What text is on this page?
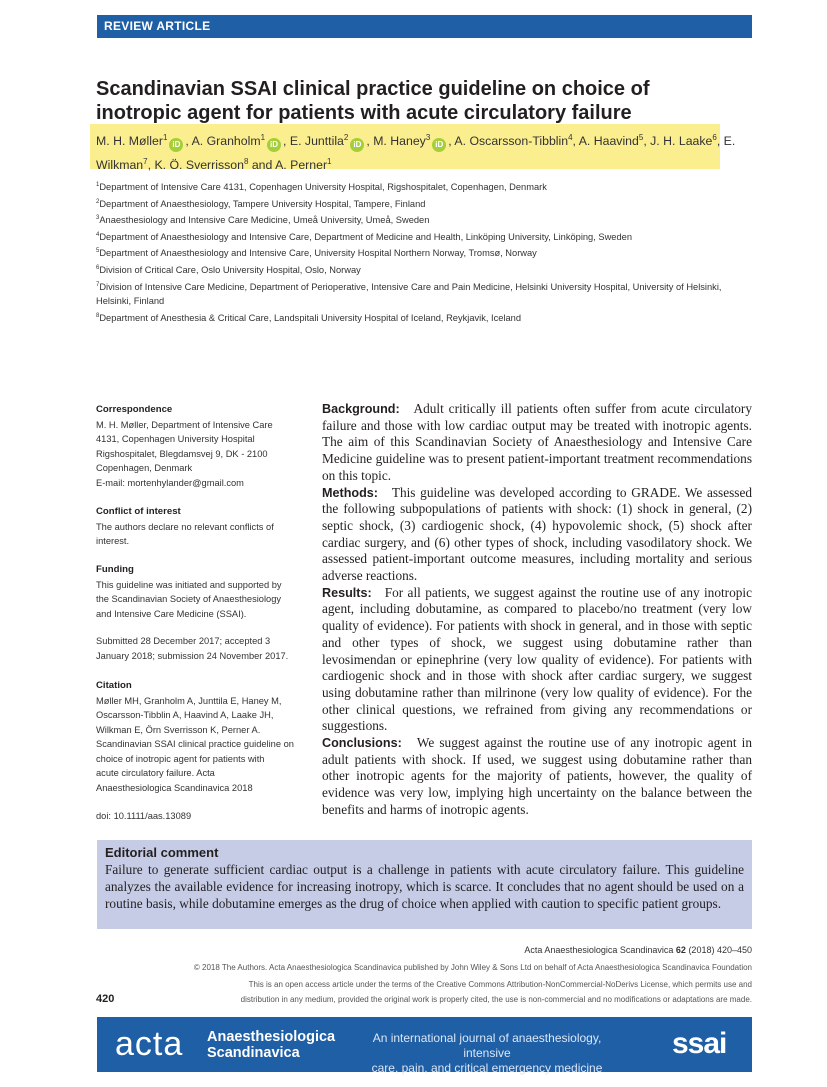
REVIEW ARTICLE
Scandinavian SSAI clinical practice guideline on choice of
inotropic agent for patients with acute circulatory failure
M. H. Møller$^1$iD , A. Granholm$^1$iD , E. Junttila$^2$iD , M. Haney$^3$iD , A. Oscarsson-Tibblin$^4$, A. Haavind$^5$, J. H. Laake$^6$, E. Wilkman$^7$, K. Ö. Sverrisson$^8$ and A. Perner$^1$
$^1$Department of Intensive Care 4131, Copenhagen University Hospital, Rigshospitalet, Copenhagen, Denmark
$^2$Department of Anaesthesiology, Tampere University Hospital, Tampere, Finland
$^3$Anaesthesiology and Intensive Care Medicine, Umeå University, Umeå, Sweden
$^4$Department of Anaesthesiology and Intensive Care, Department of Medicine and Health, Linköping University, Linköping, Sweden
$^5$Department of Anaesthesiology and Intensive Care, University Hospital Northern Norway, Tromsø, Norway
$^6$Division of Critical Care, Oslo University Hospital, Oslo, Norway
$^7$Division of Intensive Care Medicine, Department of Perioperative, Intensive Care and Pain Medicine, Helsinki University Hospital, University of Helsinki, Helsinki, Finland
$^8$Department of Anesthesia & Critical Care, Landspitali University Hospital of Iceland, Reykjavik, Iceland
Correspondence

M. H. Møller, Department of Intensive Care

4131, Copenhagen University Hospital

Rigshospitalet, Blegdamsvej 9, DK - 2100

Copenhagen, Denmark

E-mail: mortenhylander@gmail.com

Conflict of interest

The authors declare no relevant conflicts of

interest.

Funding

This guideline was initiated and supported by

the Scandinavian Society of Anaesthesiology

and Intensive Care Medicine (SSAI).

Submitted 28 December 2017; accepted 3

January 2018; submission 24 November 2017.

Citation

Møller MH, Granholm A, Junttila E, Haney M,

Oscarsson-Tibblin A, Haavind A, Laake JH,

Wilkman E, Örn Sverrisson K, Perner A.

Scandinavian SSAI clinical practice guideline on

choice of inotropic agent for patients with

acute circulatory failure. Acta

Anaesthesiologica Scandinavica 2018

doi: 10.1111/aas.13089

Background: Adult critically ill patients often suffer from acute circulatory failure and those with low cardiac output may be treated with inotropic agents. The aim of this Scandinavian Society of Anaesthesiology and Intensive Care Medicine guideline was to present patient-important treatment recommendations on this topic.

Methods: This guideline was developed according to GRADE. We assessed the following subpopulations of patients with shock: (1) shock in general, (2) septic shock, (3) cardiogenic shock, (4) hypovolemic shock, (5) shock after cardiac surgery, and (6) other types of shock, including vasodilatory shock. We assessed patient-important outcome measures, including mortality and serious adverse reactions.

Results: For all patients, we suggest against the routine use of any inotropic agent, including dobutamine, as compared to placebo/no treatment (very low quality of evidence). For patients with shock in general, and in those with septic and other types of shock, we suggest using dobutamine rather than levosimendan or epinephrine (very low quality of evidence). For patients with cardiogenic shock and in those with shock after cardiac surgery, we suggest using dobutamine rather than milrinone (very low quality of evidence). For the other clinical questions, we refrained from giving any recommendations or suggestions.

Conclusions: We suggest against the routine use of any inotropic agent in adult patients with shock. If used, we suggest using dobutamine rather than other inotropic agents for the majority of patients, however, the quality of evidence was very low, implying high uncertainty on the balance between the benefits and harms of inotropic agents.

Editorial comment

Failure to generate sufficient cardiac output is a challenge in patients with acute circulatory failure. This guideline analyzes the available evidence for increasing inotropy, which is scarce. It concludes that no agent should be used on a routine basis, while dobutamine emerges as the drug of choice when applied with caution to specific patient groups.

Acta Anaesthesiologica Scandinavica 62 (2018) 420–450
© 2018 The Authors. Acta Anaesthesiologica Scandinavica published by John Wiley & Sons Ltd on behalf of Acta Anaesthesiologica Scandinavica Foundation
This is an open access article under the terms of the Creative Commons Attribution-NonCommercial-NoDerivs License, which permits use and
distribution in any medium, provided the original work is properly cited, the use is non-commercial and no modifications or adaptations are made.
420
acta Anaesthesiologica
Scandinavica
An international journal of anaesthesiology, intensive
care, pain, and critical emergency medicine
ssai
